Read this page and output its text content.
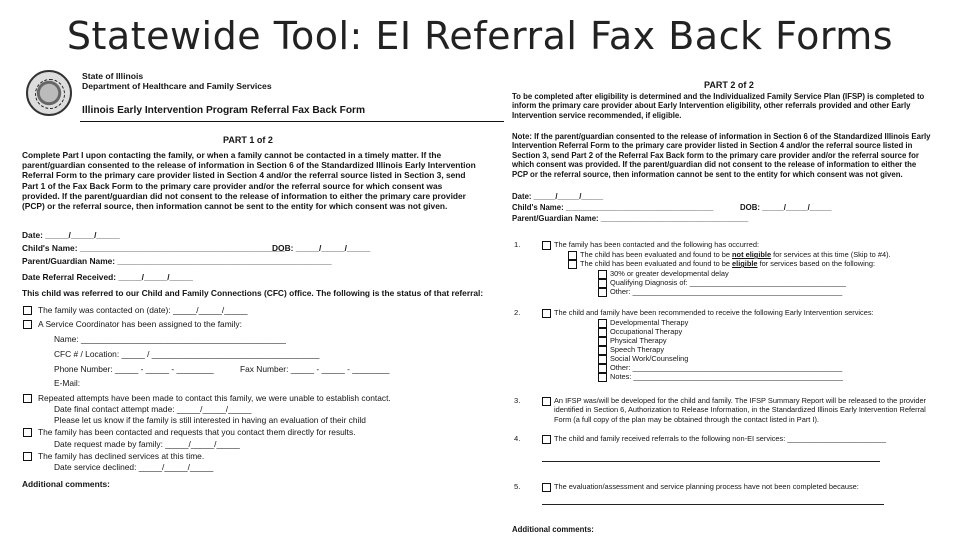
Statewide Tool: EI Referral Fax Back Forms
State of Illinois
Department of Healthcare and Family Services
Illinois Early Intervention Program Referral Fax Back Form
PART 1 of 2
Complete Part I upon contacting the family, or when a family cannot be contacted in a timely matter. If the parent/guardian consented to the release of information in Section 6 of the Standardized Illinois Early Intervention Referral Form to the primary care provider listed in Section 4 and/or the referral source listed in Section 3, send Part 1 of the Fax Back Form to the primary care provider and/or the referral source for which consent was provided. If the parent/guardian did not consent to the release of information to either the primary care provider (PCP) or the referral source, then information cannot be sent to the entity for which consent was not given.
Date: _____/_____/_____
Child's Name: ____________________________________________
DOB: _____/_____/_____
Parent/Guardian Name: ______________________________________________
Date Referral Received: _____/_____/_____
This child was referred to our Child and Family Connections (CFC) office. The following is the status of that referral:
The family was contacted on (date): _____/_____/_____
A Service Coordinator has been assigned to the family:
Name: ____________________________________________
CFC # / Location: _____ / ____________________________________
Phone Number: _____ - _____ - ________	Fax Number: _____ - _____ - ________
E-Mail:
Repeated attempts have been made to contact this family, we were unable to establish contact.
Date final contact attempt made: _____/_____/_____
Please let us know if the family is still interested in having an evaluation of their child
The family has been contacted and requests that you contact them directly for results.
Date request made by family: _____/_____/_____
The family has declined services at this time.
Date service declined: _____/_____/_____
Additional comments:
PART 2 of 2
To be completed after eligibility is determined and the Individualized Family Service Plan (IFSP) is completed to inform the primary care provider about Early Intervention eligibility, other referrals provided and other Early Intervention service recommended, if eligible.
Note: If the parent/guardian consented to the release of information in Section 6 of the Standardized Illinois Early Intervention Referral Form to the primary care provider listed in Section 4 and/or the referral source listed in Section 3, send Part 2 of the Referral Fax Back form to the primary care provider and/or the referral source for which consent was provided. If the parent/guardian did not consent to the release of information to either the PCP or the referral source, then information cannot be sent to the entity for which consent was not given.
Date: _____/_____/_____
Child's Name: __________________________________	DOB: _____/_____/_____
Parent/Guardian Name: __________________________________
1.	The family has been contacted and the following has occurred:
The child has been evaluated and found to be not eligible for services at this time (Skip to #4).
The child has been evaluated and found to be eligible for services based on the following:
30% or greater developmental delay
Qualifying Diagnosis of: ______________________________________
Other: ___________________________________________________
2.	The child and family have been recommended to receive the following Early Intervention services:
Developmental Therapy
Occupational Therapy
Physical Therapy
Speech Therapy
Social Work/Counseling
Other: ___________________________________________________
Notes: ___________________________________________________
3.	An IFSP was/will be developed for the child and family. The IFSP Summary Report will be released to the provider identified in Section 6, Authorization to Release Information, in the Standardized Illinois Early Intervention Referral Form (a full copy of the plan may be obtained through the contact listed in Part I).
4.	The child and family received referrals to the following non-EI services: ________________________
5.	The evaluation/assessment and service planning process have not been completed because:
Additional comments:
